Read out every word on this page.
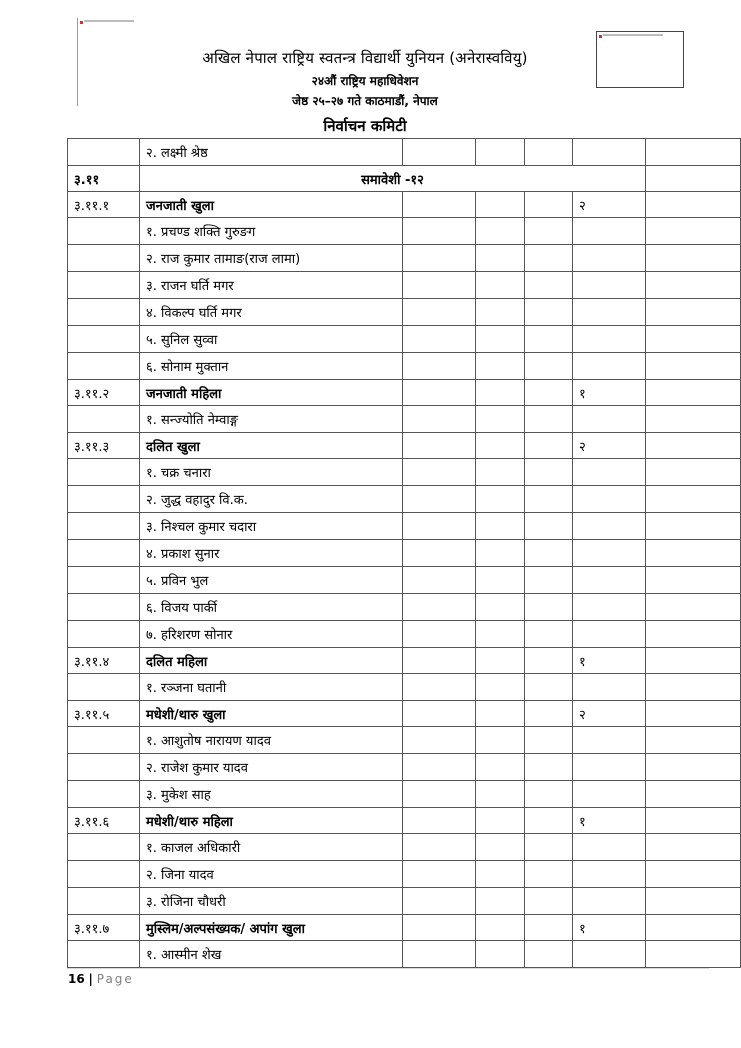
अखिल नेपाल राष्ट्रिय स्वतन्त्र विद्यार्थी युनियन (अनेरास्ववियु)
२४औं राष्ट्रिय महाधिवेशन
जेष्ठ २५–२७ गते काठमाडौं, नेपाल
निर्वाचन कमिटी
	२. लक्ष्मी श्रेष्ठ					
३.११	समावेशी -१२					
३.११.१	जनजाती खुला				२	
	१. प्रचण्ड शक्ति गुरुङग					
	२. राज कुमार तामाङ(राज लामा)					
	३. राजन घर्ति मगर					
	४. विकल्प घर्ति मगर					
	५. सुनिल सुव्वा					
	६. सोनाम मुक्तान					
३.११.२	जनजाती महिला				१	
	१. सन्ज्योति नेम्वाङ्ग					
३.११.३	दलित खुला				२	
	१. चक्र चनारा					
	२. जुद्ध वहादुर वि.क.					
	३. निश्चल कुमार चदारा					
	४. प्रकाश सुनार					
	५. प्रविन भुल					
	६. विजय पार्की					
	७. हरिशरण सोनार					
३.११.४	दलित महिला				१	
	१. रञ्जना घतानी					
३.११.५	मधेशी/थारु खुला				२	
	१. आशुतोष नारायण यादव					
	२. राजेश कुमार यादव					
	३. मुकेश साह					
३.११.६	मधेशी/थारु महिला				१	
	१. काजल अधिकारी					
	२. जिना यादव					
	३. रोजिना चौधरी					
३.११.७	मुस्लिम/अल्पसंख्यक/ अपांग खुला				१	
	१. आस्मीन शेख					
16 | Page
